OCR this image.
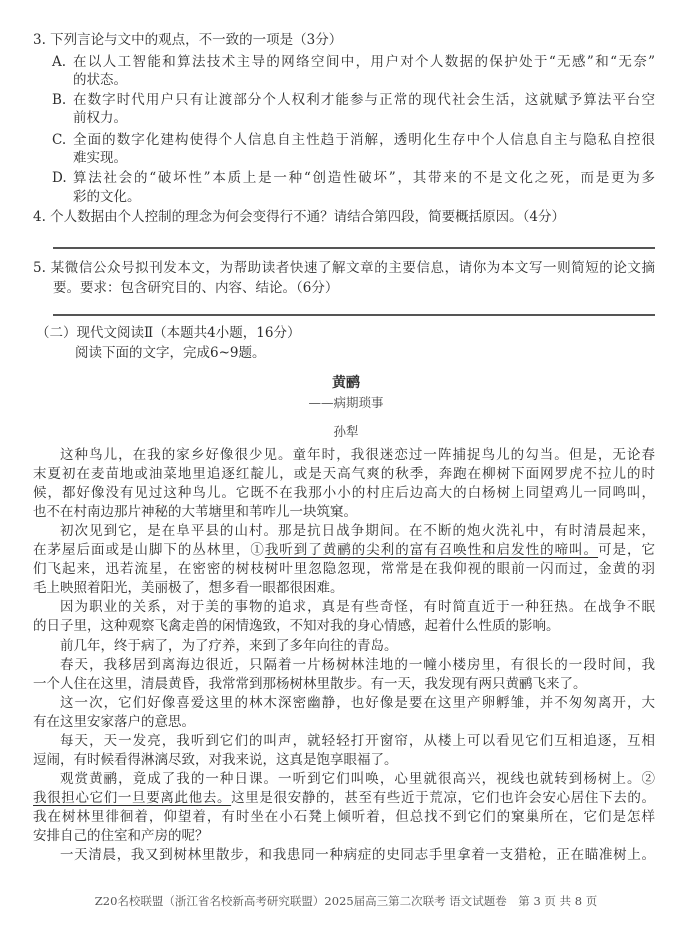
3. 下列言论与文中的观点，不一致的一项是（3分）
A. 在以人工智能和算法技术主导的网络空间中，用户对个人数据的保护处于“无感”和“无奈”
的状态。
B. 在数字时代用户只有让渡部分个人权利才能参与正常的现代社会生活，这就赋予算法平台空
前权力。
C. 全面的数字化建构使得个人信息自主性趋于消解，透明化生存中个人信息自主与隐私自控很
难实现。
D. 算法社会的“破坏性”本质上是一种“创造性破坏”，其带来的不是文化之死，而是更为多
彩的文化。
4. 个人数据由个人控制的理念为何会变得行不通？请结合第四段，简要概括原因。（4分）
5. 某微信公众号拟刊发本文，为帮助读者快速了解文章的主要信息，请你为本文写一则简短的论文摘
要。要求：包含研究目的、内容、结论。（6分）
（二）现代文阅读Ⅱ（本题共4小题，16分）
阅读下面的文字，完成6~9题。
黄鹂
——病期琐事
孙犁
这种鸟儿，在我的家乡好像很少见。童年时，我很迷恋过一阵捕捉鸟儿的勾当。但是，无论春
末夏初在麦苗地或油菜地里追逐红靛儿，或是天高气爽的秋季，奔跑在柳树下面网罗虎不拉儿的时
候，都好像没有见过这种鸟儿。它既不在我那小小的村庄后边高大的白杨树上同望鸡儿一同鸣叫，
也不在村南边那片神秘的大苇塘里和苇咋儿一块筑窠。
初次见到它，是在阜平县的山村。那是抗日战争期间。在不断的炮火洗礼中，有时清晨起来，
在茅屋后面或是山脚下的丛林里，①我听到了黄鹂的尖利的富有召唤性和启发性的啼叫。可是，它
们飞起来，迅若流星，在密密的树枝树叶里忽隐忽现，常常是在我仰视的眼前一闪而过，金黄的羽
毛上映照着阳光，美丽极了，想多看一眼都很困难。
因为职业的关系，对于美的事物的追求，真是有些奇怪，有时简直近于一种狂热。在战争不眠
的日子里，这种观察飞禽走兽的闲情逸致，不知对我的身心情感，起着什么性质的影响。
前几年，终于病了，为了疗养，来到了多年向往的青岛。
春天，我移居到离海边很近，只隔着一片杨树林洼地的一幢小楼房里，有很长的一段时间，我
一个人住在这里，清晨黄昏，我常常到那杨树林里散步。有一天，我发现有两只黄鹂飞来了。
这一次，它们好像喜爱这里的林木深密幽静，也好像是要在这里产卵孵雏，并不匆匆离开，大
有在这里安家落户的意思。
每天，天一发亮，我听到它们的叫声，就轻轻打开窗帘，从楼上可以看见它们互相追逐，互相
逗闹，有时候看得淋漓尽致，对我来说，这真是饱享眼福了。
观赏黄鹂，竟成了我的一种日课。一听到它们叫唤，心里就很高兴，视线也就转到杨树上。②
我很担心它们一旦要离此他去。这里是很安静的，甚至有些近于荒凉，它们也许会安心居住下去的。
我在树林里徘徊着，仰望着，有时坐在小石凳上倾听着，但总找不到它们的窠巢所在，它们是怎样
安排自己的住室和产房的呢？
一天清晨，我又到树林里散步，和我患同一种病症的史同志手里拿着一支猎枪，正在瞄准树上。
Z20名校联盟（浙江省名校新高考研究联盟）2025届高三第二次联考 语文试题卷　第 3 页 共 8 页
